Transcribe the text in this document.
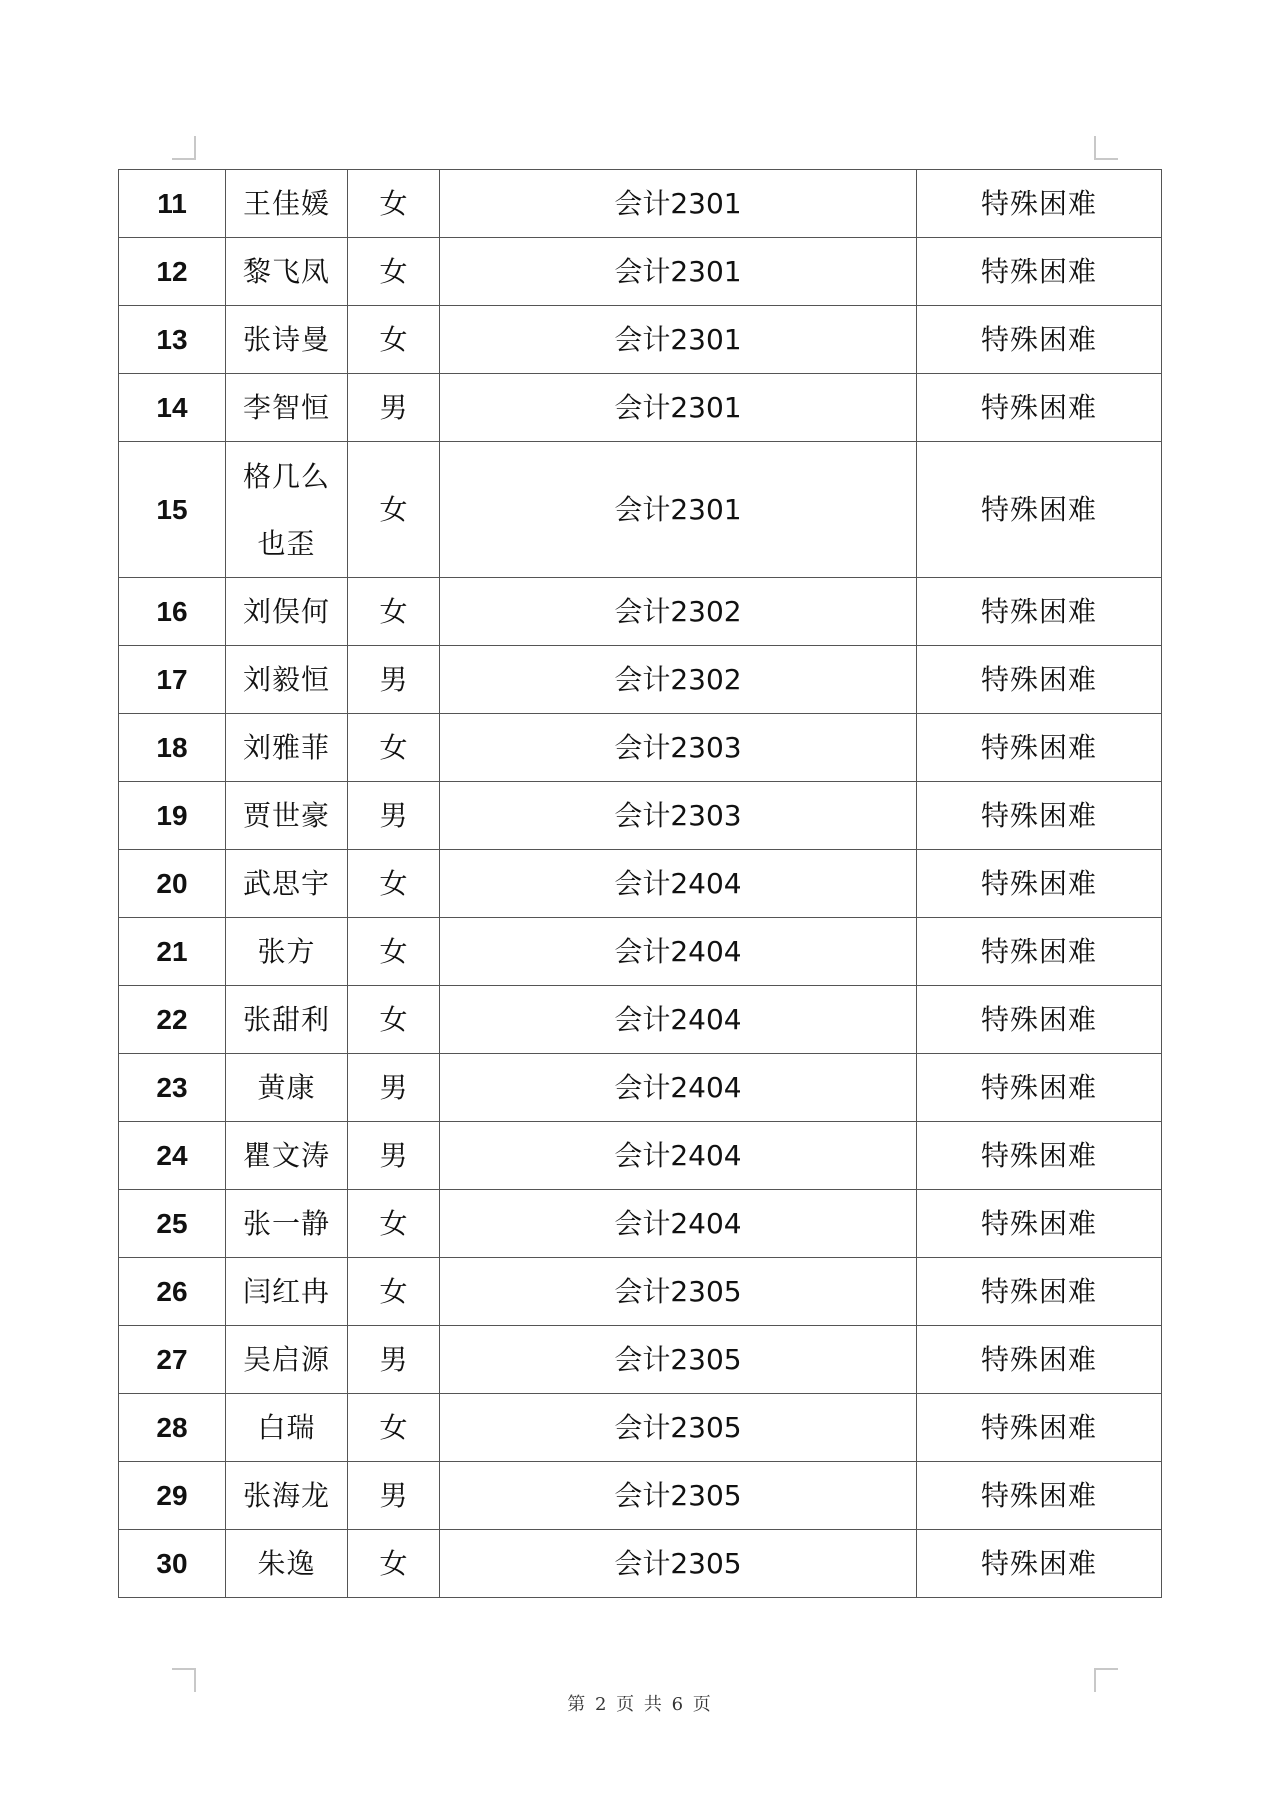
11	王佳媛	女	会计2301	特殊困难
12	黎飞凤	女	会计2301	特殊困难
13	张诗曼	女	会计2301	特殊困难
14	李智恒	男	会计2301	特殊困难
15	格几么也歪	女	会计2301	特殊困难
16	刘俣何	女	会计2302	特殊困难
17	刘毅恒	男	会计2302	特殊困难
18	刘雅菲	女	会计2303	特殊困难
19	贾世豪	男	会计2303	特殊困难
20	武思宇	女	会计2404	特殊困难
21	张方	女	会计2404	特殊困难
22	张甜利	女	会计2404	特殊困难
23	黄康	男	会计2404	特殊困难
24	瞿文涛	男	会计2404	特殊困难
25	张一静	女	会计2404	特殊困难
26	闫红冉	女	会计2305	特殊困难
27	吴启源	男	会计2305	特殊困难
28	白瑞	女	会计2305	特殊困难
29	张海龙	男	会计2305	特殊困难
30	朱逸	女	会计2305	特殊困难
第 2 页 共 6 页
